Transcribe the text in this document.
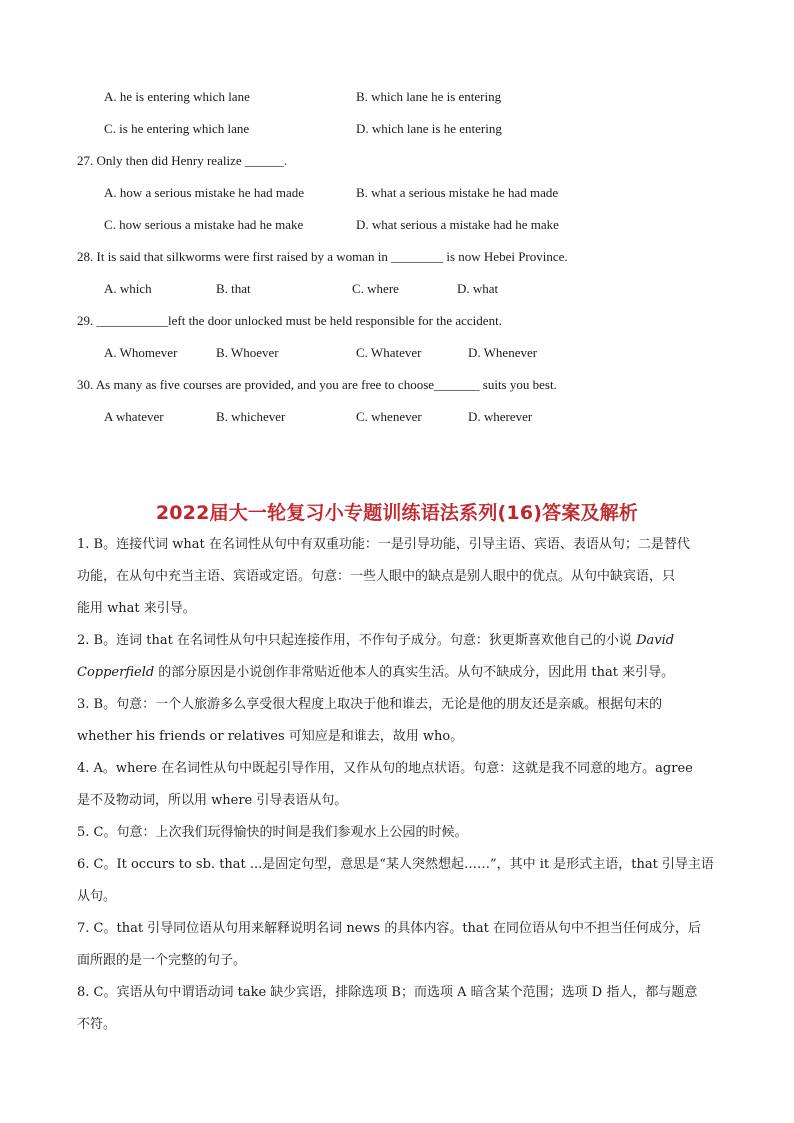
A. he is entering which lane	B. which lane he is entering
C. is he entering which lane	D. which lane is he entering
27. Only then did Henry realize ______.
A. how a serious mistake he had made	B. what a serious mistake he had made
C. how serious a mistake had he make	D. what serious a mistake had he make
28. It is said that silkworms were first raised by a woman in ________ is now Hebei Province.
A. which	B. that	C. where	D. what
29. ___________left the door unlocked must be held responsible for the accident.
A. Whomever	B. Whoever	C. Whatever	D. Whenever
30. As many as five courses are provided, and you are free to choose_______ suits you best.
A whatever	B. whichever	C. whenever	D. wherever
2022届大一轮复习小专题训练语法系列(16)答案及解析
1. B。连接代词 what 在名词性从句中有双重功能：一是引导功能，引导主语、宾语、表语从句；二是替代
功能，在从句中充当主语、宾语或定语。句意：一些人眼中的缺点是别人眼中的优点。从句中缺宾语，只
能用 what 来引导。
2. B。连词 that 在名词性从句中只起连接作用，不作句子成分。句意：狄更斯喜欢他自己的小说 David
Copperfield 的部分原因是小说创作非常贴近他本人的真实生活。从句不缺成分，因此用 that 来引导。
3. B。句意：一个人旅游多么享受很大程度上取决于他和谁去，无论是他的朋友还是亲戚。根据句末的
whether his friends or relatives 可知应是和谁去，故用 who。
4. A。where 在名词性从句中既起引导作用，又作从句的地点状语。句意：这就是我不同意的地方。agree
是不及物动词，所以用 where 引导表语从句。
5. C。句意：上次我们玩得愉快的时间是我们参观水上公园的时候。
6. C。It occurs to sb. that ...是固定句型，意思是“某人突然想起……”，其中 it 是形式主语，that 引导主语
从句。
7. C。that 引导同位语从句用来解释说明名词 news 的具体内容。that 在同位语从句中不担当任何成分，后
面所跟的是一个完整的句子。
8. C。宾语从句中谓语动词 take 缺少宾语，排除选项 B；而选项 A 暗含某个范围；选项 D 指人，都与题意
不符。
